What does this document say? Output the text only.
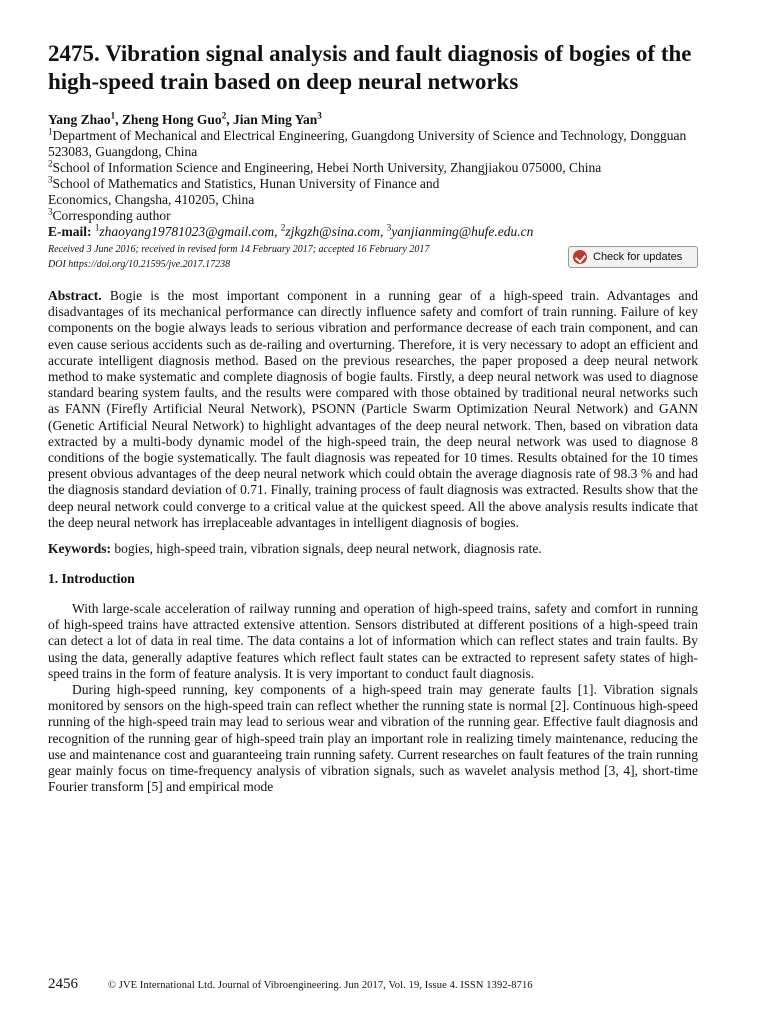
2475. Vibration signal analysis and fault diagnosis of bogies of the high-speed train based on deep neural networks
Yang Zhao$^1$, Zheng Hong Guo$^2$, Jian Ming Yan$^3$
$^1$Department of Mechanical and Electrical Engineering, Guangdong University of Science and Technology, Dongguan 523083, Guangdong, China
$^2$School of Information Science and Engineering, Hebei North University, Zhangjiakou 075000, China
$^3$School of Mathematics and Statistics, Hunan University of Finance and Economics, Changsha, 410205, China
$^3$Corresponding author
E-mail: $^1$zhaoyang19781023@gmail.com, $^2$zjkgzh@sina.com, $^3$yanjianming@hufe.edu.cn
Received 3 June 2016; received in revised form 14 February 2017; accepted 16 February 2017
DOI https://doi.org/10.21595/jve.2017.17238
Check for updates
Abstract. Bogie is the most important component in a running gear of a high-speed train. Advantages and disadvantages of its mechanical performance can directly influence safety and comfort of train running. Failure of key components on the bogie always leads to serious vibration and performance decrease of each train component, and can even cause serious accidents such as de-railing and overturning. Therefore, it is very necessary to adopt an efficient and accurate intelligent diagnosis method. Based on the previous researches, the paper proposed a deep neural network method to make systematic and complete diagnosis of bogie faults. Firstly, a deep neural network was used to diagnose standard bearing system faults, and the results were compared with those obtained by traditional neural networks such as FANN (Firefly Artificial Neural Network), PSONN (Particle Swarm Optimization Neural Network) and GANN (Genetic Artificial Neural Network) to highlight advantages of the deep neural network. Then, based on vibration data extracted by a multi-body dynamic model of the high-speed train, the deep neural network was used to diagnose 8 conditions of the bogie systematically. The fault diagnosis was repeated for 10 times. Results obtained for the 10 times present obvious advantages of the deep neural network which could obtain the average diagnosis rate of 98.3 % and had the diagnosis standard deviation of 0.71. Finally, training process of fault diagnosis was extracted. Results show that the deep neural network could converge to a critical value at the quickest speed. All the above analysis results indicate that the deep neural network has irreplaceable advantages in intelligent diagnosis of bogies.
Keywords: bogies, high-speed train, vibration signals, deep neural network, diagnosis rate.
1. Introduction

With large-scale acceleration of railway running and operation of high-speed trains, safety and comfort in running of high-speed trains have attracted extensive attention. Sensors distributed at different positions of a high-speed train can detect a lot of data in real time. The data contains a lot of information which can reflect states and train faults. By using the data, generally adaptive features which reflect fault states can be extracted to represent safety states of high-speed trains in the form of feature analysis. It is very important to conduct fault diagnosis.

During high-speed running, key components of a high-speed train may generate faults [1]. Vibration signals monitored by sensors on the high-speed train can reflect whether the running state is normal [2]. Continuous high-speed running of the high-speed train may lead to serious wear and vibration of the running gear. Effective fault diagnosis and recognition of the running gear of high-speed train play an important role in realizing timely maintenance, reducing the use and maintenance cost and guaranteeing train running safety. Current researches on fault features of the train running gear mainly focus on time-frequency analysis of vibration signals, such as wavelet analysis method [3, 4], short-time Fourier transform [5] and empirical mode

2456	© JVE International Ltd. Journal of Vibroengineering. Jun 2017, Vol. 19, Issue 4. ISSN 1392-8716
